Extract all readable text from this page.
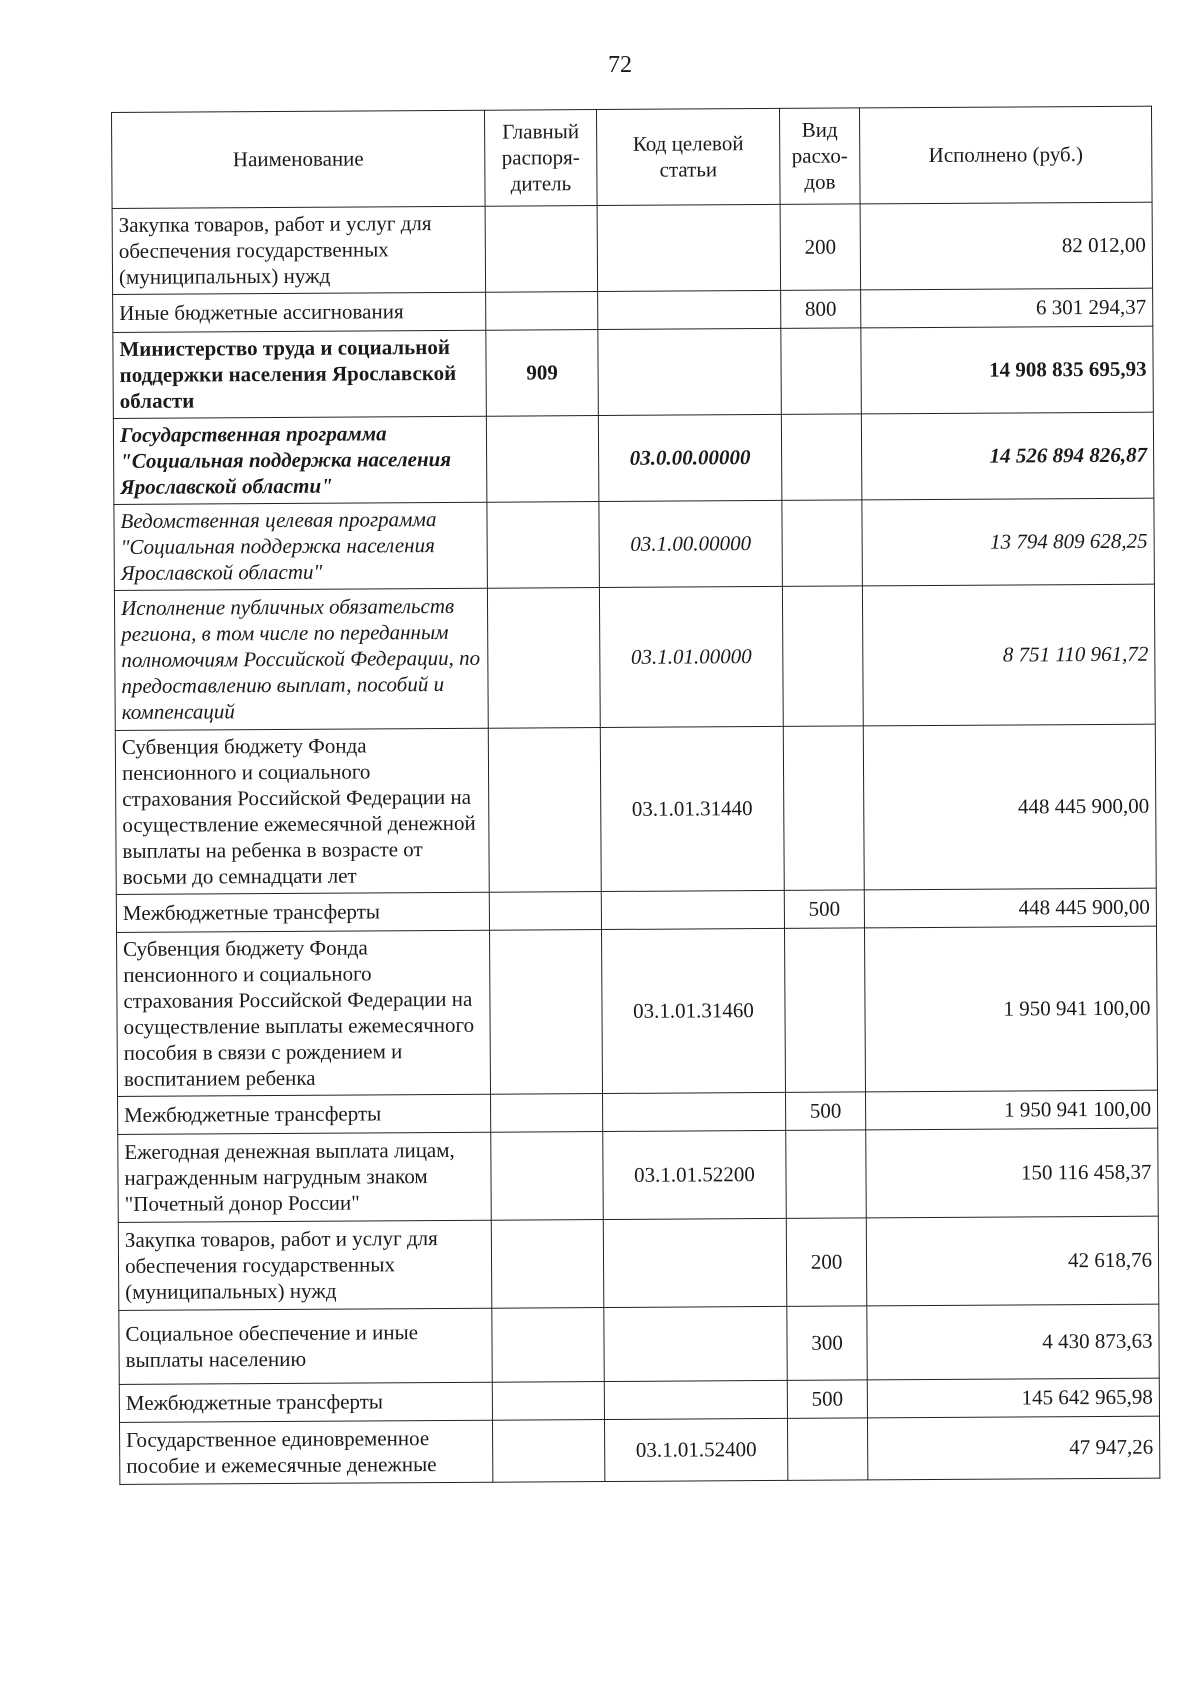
72
Наименование	Главный распоря-дитель	Код целевой статьи	Вид расхо-дов	Исполнено (руб.)
Закупка товаров, работ и услуг для обеспечения государственных (муниципальных) нужд			200	82 012,00
Иные бюджетные ассигнования			800	6 301 294,37
Министерство труда и социальной поддержки населения Ярославской области	909			14 908 835 695,93
Государственная программа "Социальная поддержка населения Ярославской области"		03.0.00.00000		14 526 894 826,87
Ведомственная целевая программа "Социальная поддержка населения Ярославской области"		03.1.00.00000		13 794 809 628,25
Исполнение публичных обязательств региона, в том числе по переданным полномочиям Российской Федерации, по предоставлению выплат, пособий и компенсаций		03.1.01.00000		8 751 110 961,72
Субвенция бюджету Фонда пенсионного и социального страхования Российской Федерации на осуществление ежемесячной денежной выплаты на ребенка в возрасте от восьми до семнадцати лет		03.1.01.31440		448 445 900,00
Межбюджетные трансферты			500	448 445 900,00
Субвенция бюджету Фонда пенсионного и социального страхования Российской Федерации на осуществление выплаты ежемесячного пособия в связи с рождением и воспитанием ребенка		03.1.01.31460		1 950 941 100,00
Межбюджетные трансферты			500	1 950 941 100,00
Ежегодная денежная выплата лицам, награжденным нагрудным знаком "Почетный донор России"		03.1.01.52200		150 116 458,37
Закупка товаров, работ и услуг для обеспечения государственных (муниципальных) нужд			200	42 618,76
Социальное обеспечение и иные выплаты населению			300	4 430 873,63
Межбюджетные трансферты			500	145 642 965,98
Государственное единовременное пособие и ежемесячные денежные		03.1.01.52400		47 947,26
